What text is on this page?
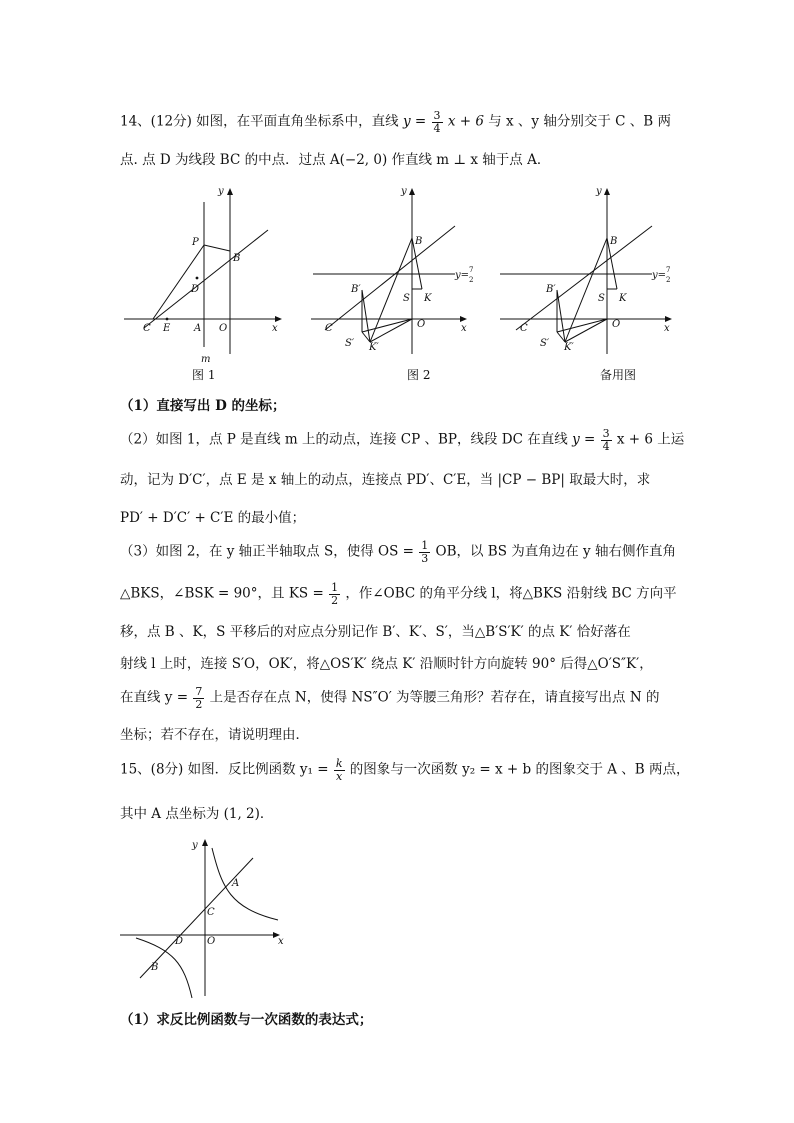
14、(12分) 如图，在平面直角坐标系中，直线 $y = \frac{3}{4}$ x + 6 与 x 、y 轴分别交于 C 、B 两
点. 点 D 为线段 BC 的中点．过点 A(−2, 0) 作直线 m ⊥ x 轴于点 A．
P
B
D
C E A O	x
y
m
图 1
B
B′
S K
C	O	x
y
S′ K′
y= 7
2
图 2
B
B′
S K
C	O	x
y
S′ K′
y= 7
2
备用图
（1）直接写出 D 的坐标；
（2）如图 1，点 P 是直线 m 上的动点，连接 CP 、BP，线段 DC 在直线 $y = \frac{3}{4}$ x + 6 上运
动，记为 D′C′，点 E 是 x 轴上的动点，连接点 PD′、C′E，当 |CP − BP| 取最大时，求
PD′ + D′C′ + C′E 的最小值；
（3）如图 2，在 y 轴正半轴取点 S，使得 OS = $\frac{1}{3}$ OB，以 BS 为直角边在 y 轴右侧作直角
△BKS，∠BSK = 90°，且 KS = $\frac{1}{2}$ ，作∠OBC 的角平分线 l，将△BKS 沿射线 BC 方向平
移，点 B 、K，S 平移后的对应点分别记作 B′、K′、S′，当△B′S′K′ 的点 K′ 恰好落在
射线 l 上时，连接 S′O，OK′，将△OS′K′ 绕点 K′ 沿顺时针方向旋转 90° 后得△O′S″K′，
在直线 $y = \frac{7}{2}$ 上是否存在点 N，使得 NS″O′ 为等腰三角形？若存在，请直接写出点 N 的
坐标；若不存在，请说明理由．
15、(8分) 如图．反比例函数 $y_1 = \frac{k}{x}$ 的图象与一次函数 y₂ = x + b 的图象交于 A 、B 两点，
其中 A 点坐标为 (1, 2)．
A
C
D O	x
y
B
（1）求反比例函数与一次函数的表达式；
